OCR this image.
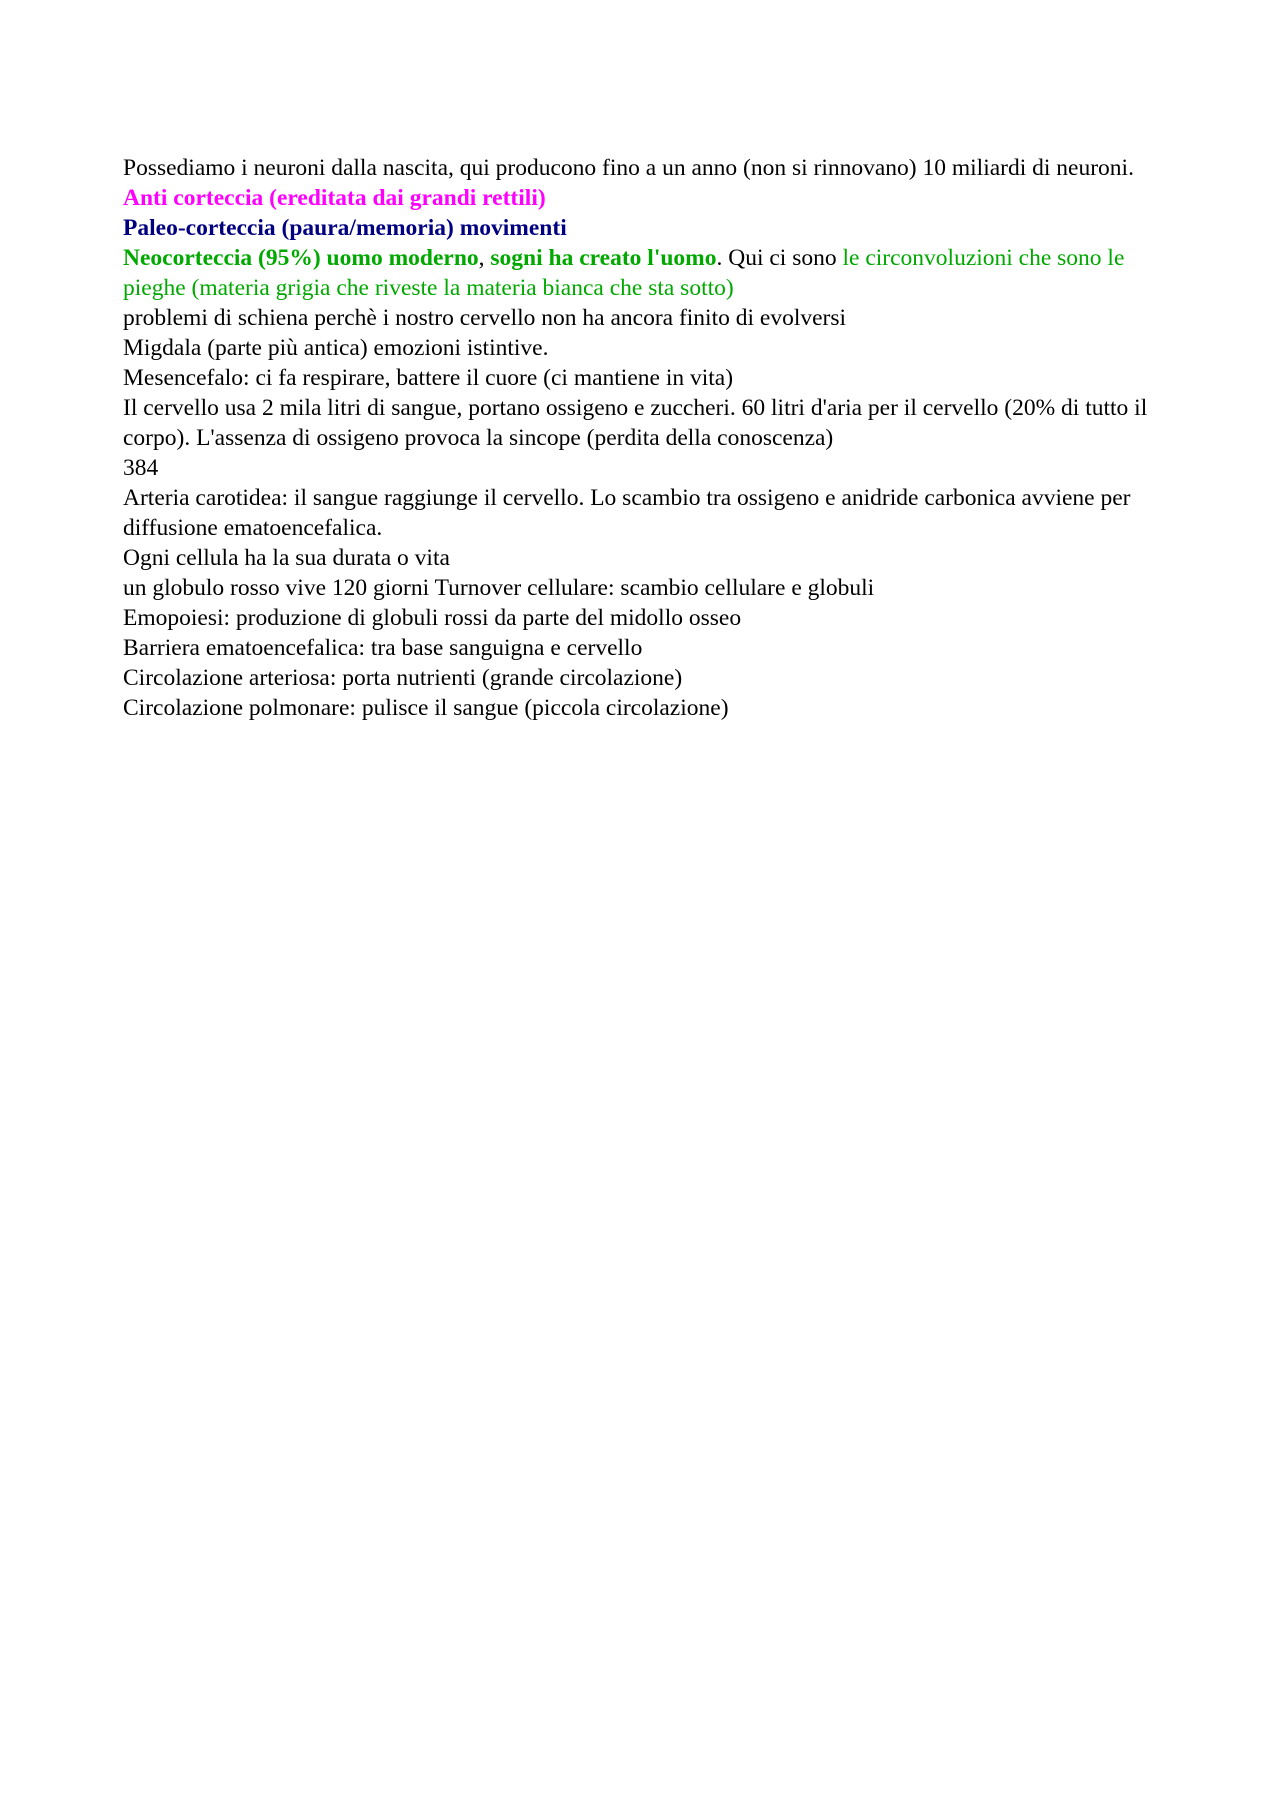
Possediamo i neuroni dalla nascita, qui producono fino a un anno (non si rinnovano) 10 miliardi di neuroni.

Anti corteccia (ereditata dai grandi rettili)

Paleo-corteccia (paura/memoria) movimenti

Neocorteccia (95%) uomo moderno, sogni ha creato l'uomo. Qui ci sono le circonvoluzioni che sono le pieghe (materia grigia che riveste la materia bianca che sta sotto)

problemi di schiena perchè i nostro cervello non ha ancora finito di evolversi

Migdala (parte più antica) emozioni istintive.

Mesencefalo: ci fa respirare, battere il cuore (ci mantiene in vita)

Il cervello usa 2 mila litri di sangue, portano ossigeno e zuccheri. 60 litri d'aria per il cervello (20% di tutto il corpo). L'assenza di ossigeno provoca la sincope (perdita della conoscenza)

384

Arteria carotidea: il sangue raggiunge il cervello. Lo scambio tra ossigeno e anidride carbonica avviene per diffusione ematoencefalica.

Ogni cellula ha la sua durata o vita

un globulo rosso vive 120 giorni Turnover cellulare: scambio cellulare e globuli

Emopoiesi: produzione di globuli rossi da parte del midollo osseo

Barriera ematoencefalica: tra base sanguigna e cervello

Circolazione arteriosa: porta nutrienti (grande circolazione)

Circolazione polmonare: pulisce il sangue (piccola circolazione)
